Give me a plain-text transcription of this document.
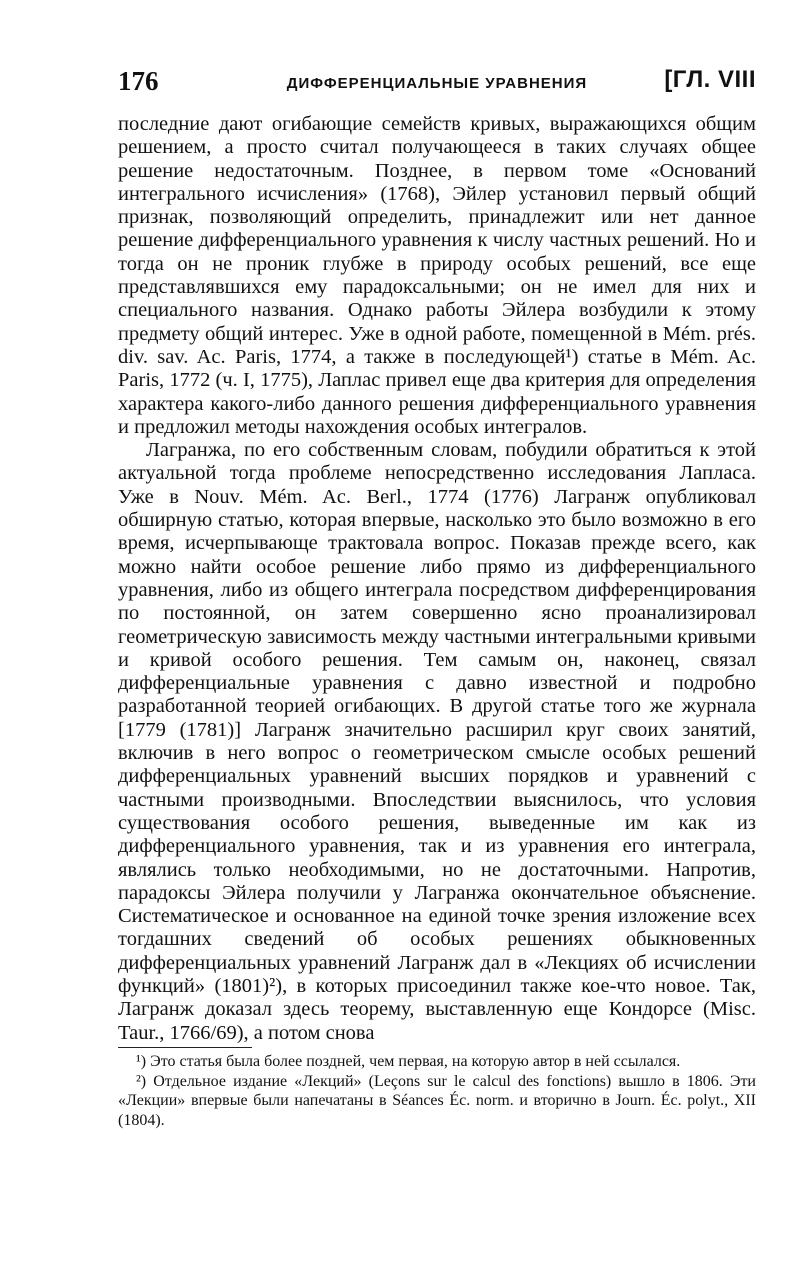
176	ДИФФЕРЕНЦИАЛЬНЫЕ УРАВНЕНИЯ	[ГЛ. VIII

последние дают огибающие семейств кривых, выражающихся общим решением, а просто считал получающееся в таких случаях общее решение недостаточным. Позднее, в первом томе «Оснований интегрального исчисления» (1768), Эйлер установил первый общий признак, позволяющий определить, принадлежит или нет данное решение дифференциального уравнения к числу частных решений. Но и тогда он не проник глубже в природу особых решений, все еще представлявшихся ему парадоксальными; он не имел для них и специального названия. Однако работы Эйлера возбудили к этому предмету общий интерес. Уже в одной работе, помещенной в Mém. prés. div. sav. Ac. Paris, 1774, а также в последующей¹) статье в Mém. Ac. Paris, 1772 (ч. I, 1775), Лаплас привел еще два критерия для определения характера какого-либо данного решения дифференциального уравнения и предложил методы нахождения особых интегралов.

Лагранжа, по его собственным словам, побудили обратиться к этой актуальной тогда проблеме непосредственно исследования Лапласа. Уже в Nouv. Mém. Ac. Berl., 1774 (1776) Лагранж опубликовал обширную статью, которая впервые, насколько это было возможно в его время, исчерпывающе трактовала вопрос. Показав прежде всего, как можно найти особое решение либо прямо из дифференциального уравнения, либо из общего интеграла посредством дифференцирования по постоянной, он затем совершенно ясно проанализировал геометрическую зависимость между частными интегральными кривыми и кривой особого решения. Тем самым он, наконец, связал дифференциальные уравнения с давно известной и подробно разработанной теорией огибающих. В другой статье того же журнала [1779 (1781)] Лагранж значительно расширил круг своих занятий, включив в него вопрос о геометрическом смысле особых решений дифференциальных уравнений высших порядков и уравнений с частными производными. Впоследствии выяснилось, что условия существования особого решения, выведенные им как из дифференциального уравнения, так и из уравнения его интеграла, являлись только необходимыми, но не достаточными. Напротив, парадоксы Эйлера получили у Лагранжа окончательное объяснение. Систематическое и основанное на единой точке зрения изложение всех тогдашних сведений об особых решениях обыкновенных дифференциальных уравнений Лагранж дал в «Лекциях об исчислении функций» (1801)²), в которых присоединил также кое-что новое. Так, Лагранж доказал здесь теорему, выставленную еще Кондорсе (Misc. Taur., 1766/69), а потом снова

¹) Это статья была более поздней, чем первая, на которую автор в ней ссылался.

²) Отдельное издание «Лекций» (Leçons sur le calcul des fonctions) вышло в 1806. Эти «Лекции» впервые были напечатаны в Séances Éc. norm. и вторично в Journ. Éc. polyt., XII (1804).
